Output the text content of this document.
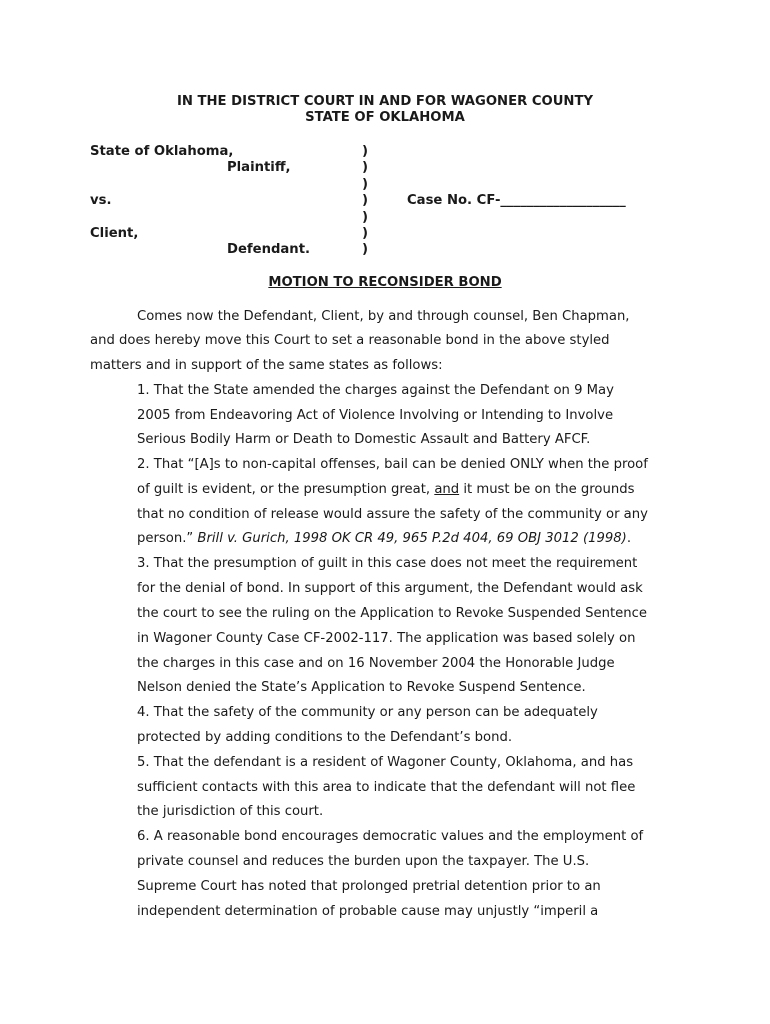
IN THE DISTRICT COURT IN AND FOR WAGONER COUNTY
STATE OF OKLAHOMA
State of Oklahoma,
Plaintiff,
vs.
Client,
Defendant.
)
)
)
)
)
)
)
Case No. CF-___________________
MOTION TO RECONSIDER BOND
Comes now the Defendant, Client, by and through counsel, Ben Chapman,
and does hereby move this Court to set a reasonable bond in the above styled
matters and in support of the same states as follows:
1. That the State amended the charges against the Defendant on 9 May
2005 from Endeavoring Act of Violence Involving or Intending to Involve
Serious Bodily Harm or Death to Domestic Assault and Battery AFCF.
2. That “[A]s to non-capital offenses, bail can be denied ONLY when the proof
of guilt is evident, or the presumption great, and it must be on the grounds
that no condition of release would assure the safety of the community or any
person.” Brill v. Gurich, 1998 OK CR 49, 965 P.2d 404, 69 OBJ 3012 (1998).
3. That the presumption of guilt in this case does not meet the requirement
for the denial of bond. In support of this argument, the Defendant would ask
the court to see the ruling on the Application to Revoke Suspended Sentence
in Wagoner County Case CF-2002-117. The application was based solely on
the charges in this case and on 16 November 2004 the Honorable Judge
Nelson denied the State’s Application to Revoke Suspend Sentence.
4. That the safety of the community or any person can be adequately
protected by adding conditions to the Defendant’s bond.
5. That the defendant is a resident of Wagoner County, Oklahoma, and has
sufficient contacts with this area to indicate that the defendant will not flee
the jurisdiction of this court.
6. A reasonable bond encourages democratic values and the employment of
private counsel and reduces the burden upon the taxpayer. The U.S.
Supreme Court has noted that prolonged pretrial detention prior to an
independent determination of probable cause may unjustly “imperil a
